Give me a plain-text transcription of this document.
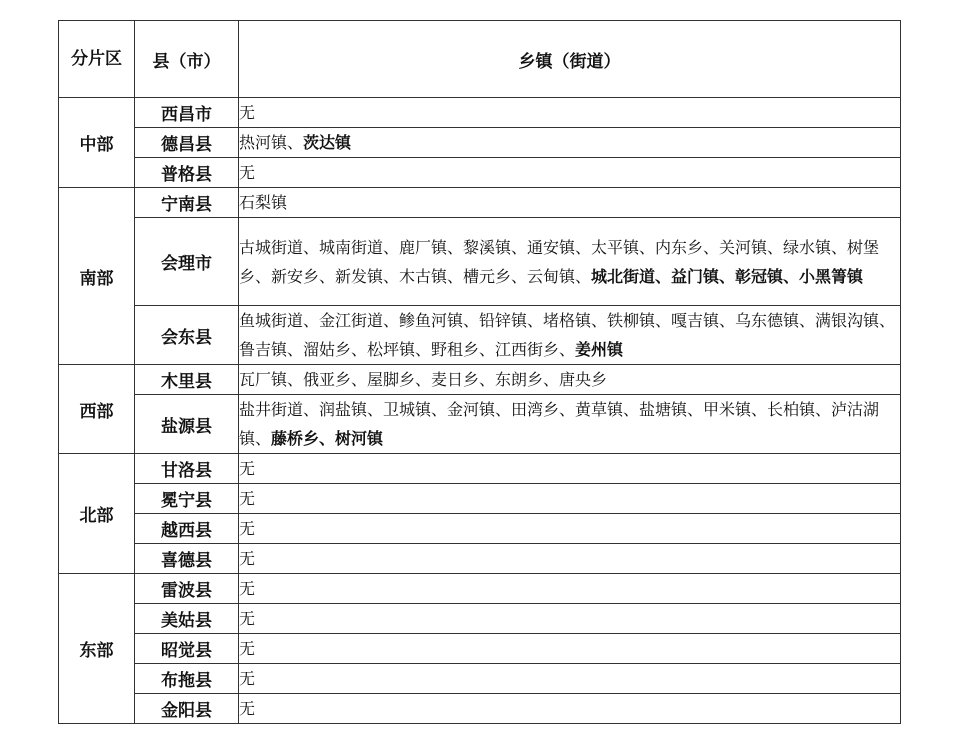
分片区	县（市）	乡镇（街道）
中部	西昌市	无
	德昌县	热河镇、茨达镇
	普格县	无
南部	宁南县	石梨镇
	会理市	古城街道、城南街道、鹿厂镇、黎溪镇、通安镇、太平镇、内东乡、关河镇、绿水镇、树堡乡、新安乡、新发镇、木古镇、槽元乡、云甸镇、城北街道、益门镇、彰冠镇、小黑箐镇
	会东县	鱼城街道、金江街道、鲹鱼河镇、铅锌镇、堵格镇、铁柳镇、嘎吉镇、乌东德镇、满银沟镇、鲁吉镇、溜姑乡、松坪镇、野租乡、江西街乡、姜州镇
西部	木里县	瓦厂镇、俄亚乡、屋脚乡、麦日乡、东朗乡、唐央乡
	盐源县	盐井街道、润盐镇、卫城镇、金河镇、田湾乡、黄草镇、盐塘镇、甲米镇、长柏镇、泸沽湖镇、藤桥乡、树河镇
北部	甘洛县	无
	冕宁县	无
	越西县	无
	喜德县	无
东部	雷波县	无
	美姑县	无
	昭觉县	无
	布拖县	无
	金阳县	无
